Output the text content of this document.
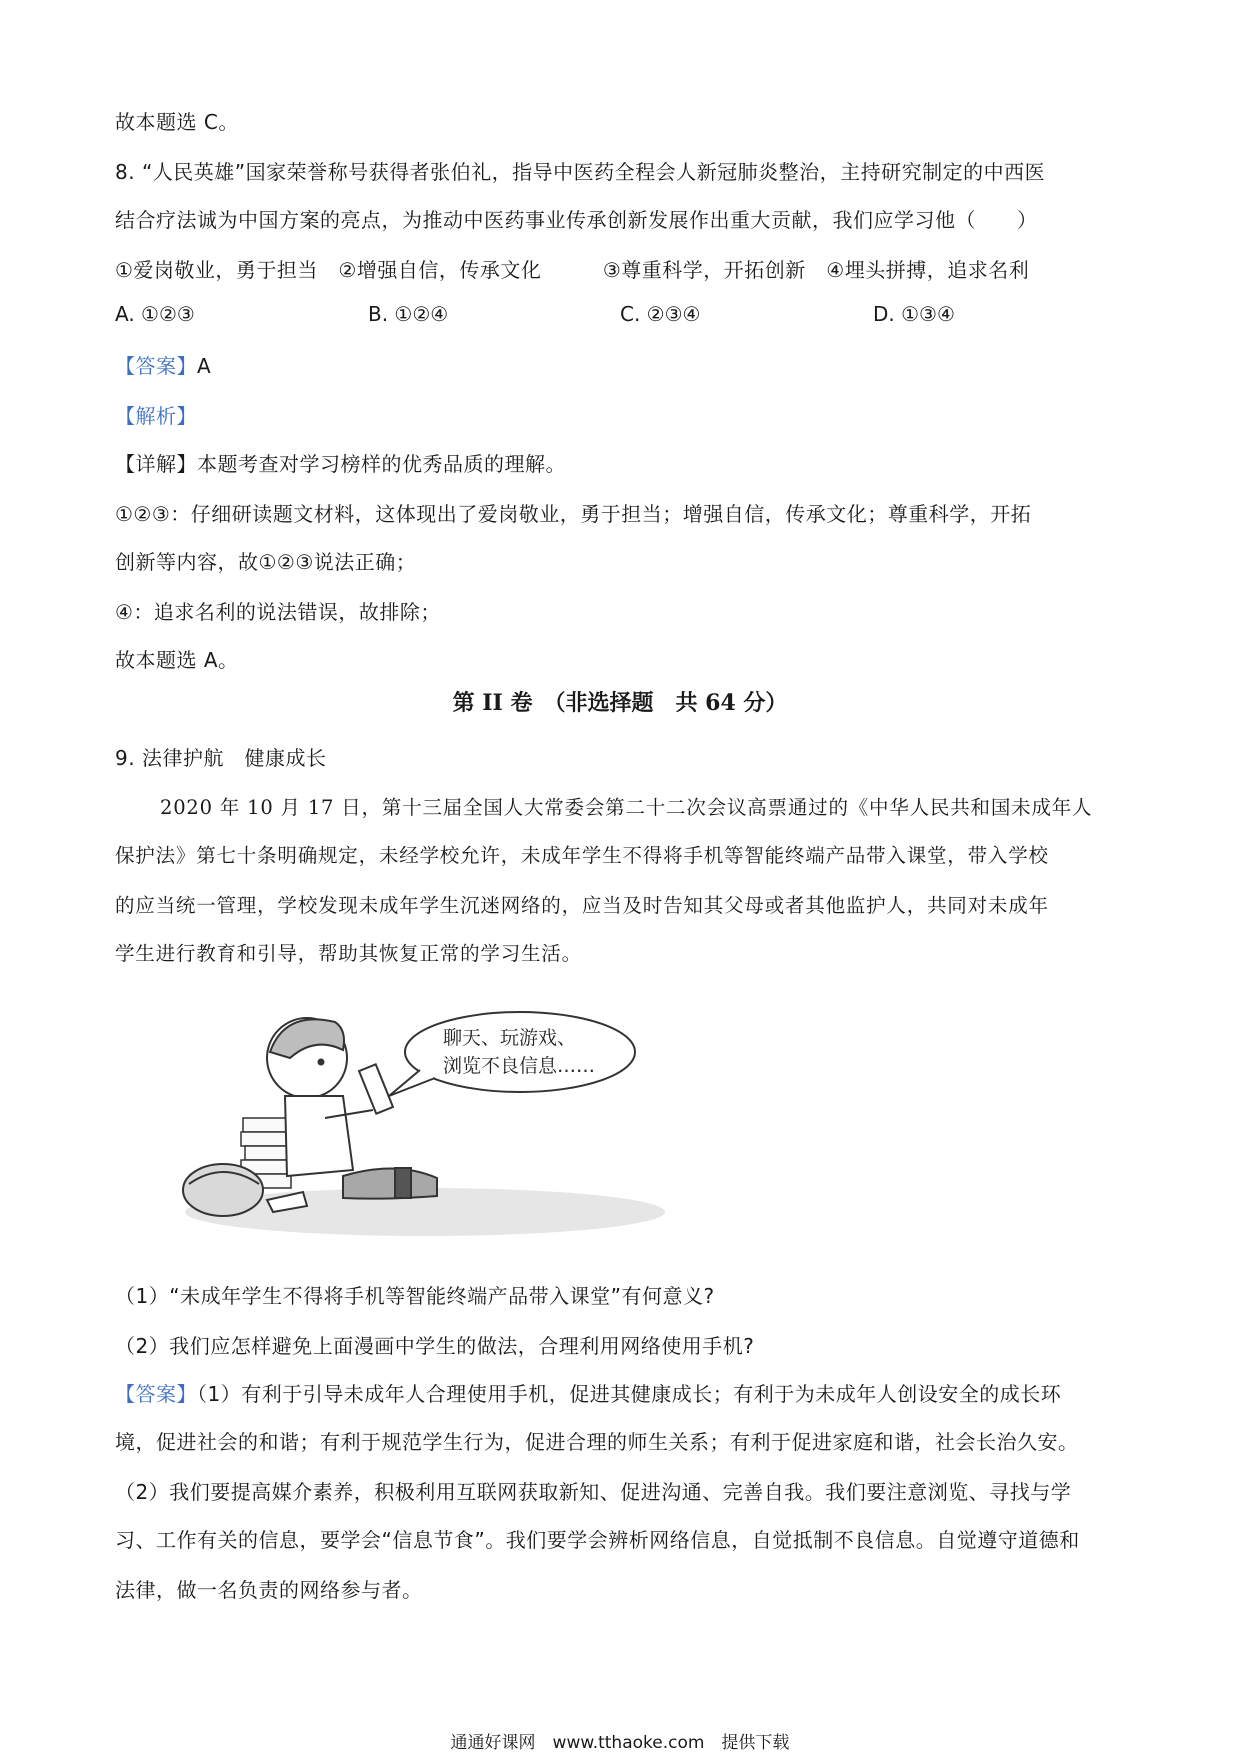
故本题选 C。
8. “人民英雄”国家荣誉称号获得者张伯礼，指导中医药全程会人新冠肺炎整治，主持研究制定的中西医
结合疗法诚为中国方案的亮点，为推动中医药事业传承创新发展作出重大贡献，我们应学习他（　　）
①爱岗敬业，勇于担当　②增强自信，传承文化　　　③尊重科学，开拓创新　④埋头拼搏，追求名利
A. ①②③	B. ①②④	C. ②③④	D. ①③④
【答案】A
【解析】
【详解】本题考查对学习榜样的优秀品质的理解。
①②③：仔细研读题文材料，这体现出了爱岗敬业，勇于担当；增强自信，传承文化；尊重科学，开拓
创新等内容，故①②③说法正确；
④：追求名利的说法错误，故排除；
故本题选 A。
第 II 卷　（非选择题　共 64 分）
9. 法律护航　健康成长
2020 年 10 月 17 日，第十三届全国人大常委会第二十二次会议高票通过的《中华人民共和国未成年人
保护法》第七十条明确规定，未经学校允许，未成年学生不得将手机等智能终端产品带入课堂，带入学校
的应当统一管理，学校发现未成年学生沉迷网络的，应当及时告知其父母或者其他监护人，共同对未成年
学生进行教育和引导，帮助其恢复正常的学习生活。
聊天、玩游戏、
浏览不良信息……
（1）“未成年学生不得将手机等智能终端产品带入课堂”有何意义?
（2）我们应怎样避免上面漫画中学生的做法，合理利用网络使用手机?
【答案】（1）有利于引导未成年人合理使用手机，促进其健康成长；有利于为未成年人创设安全的成长环
境，促进社会的和谐；有利于规范学生行为，促进合理的师生关系；有利于促进家庭和谐，社会长治久安。
（2）我们要提高媒介素养，积极利用互联网获取新知、促进沟通、完善自我。我们要注意浏览、寻找与学
习、工作有关的信息，要学会“信息节食”。我们要学会辨析网络信息，自觉抵制不良信息。自觉遵守道德和
法律，做一名负责的网络参与者。
通通好课网　www.tthaoke.com　提供下载
